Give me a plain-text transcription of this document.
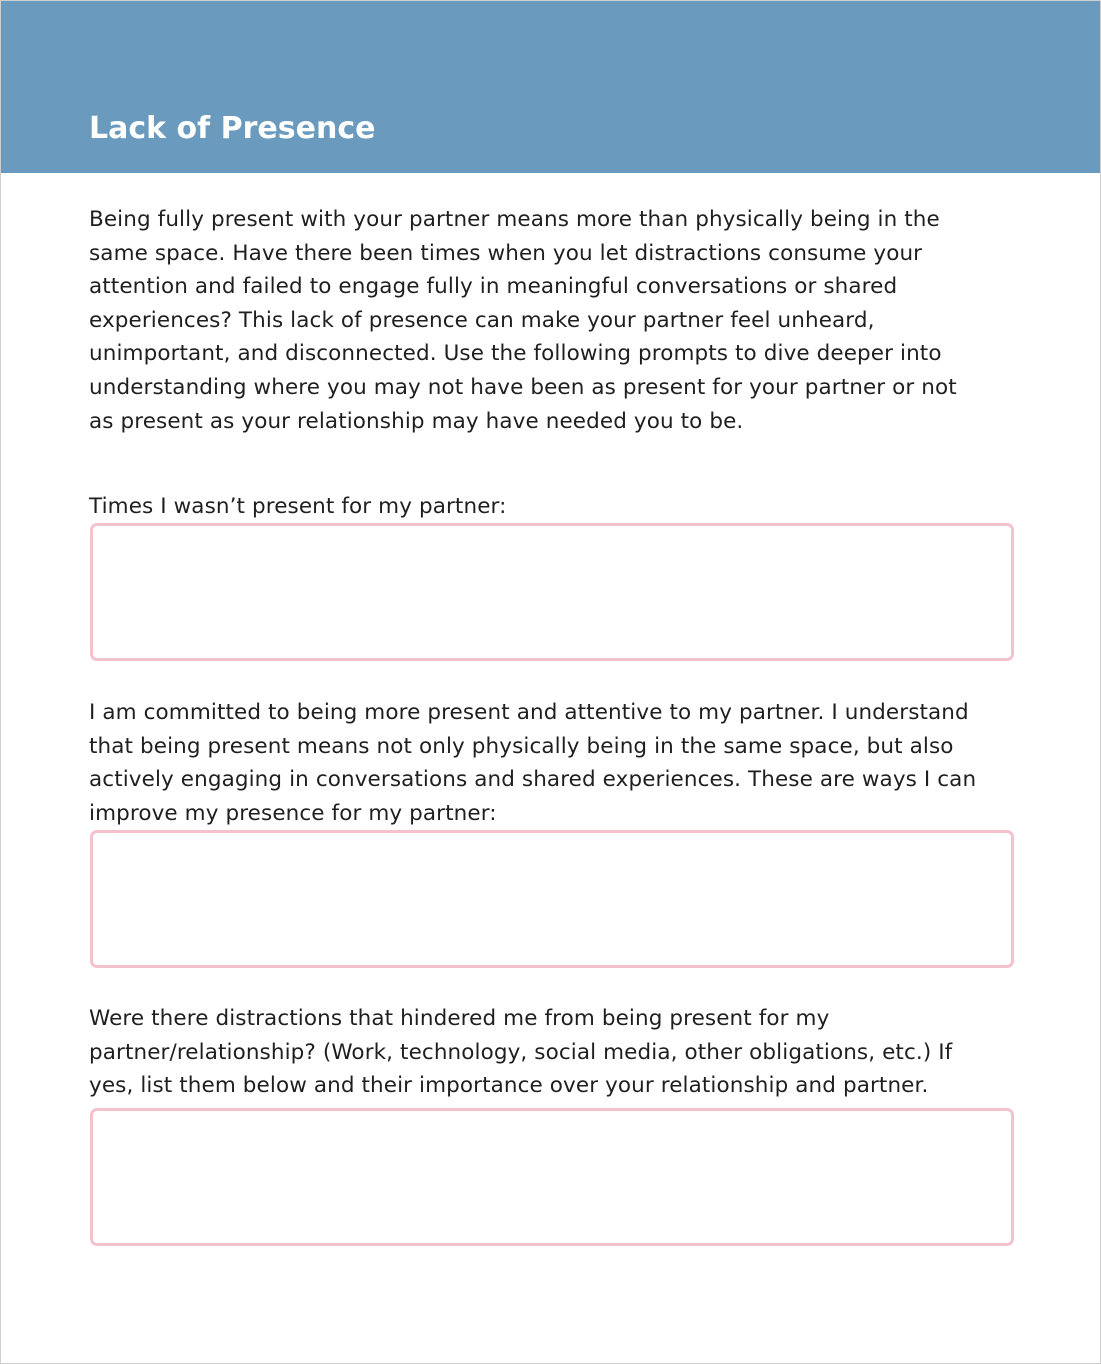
Lack of Presence

Being fully present with your partner means more than physically being in the
same space. Have there been times when you let distractions consume your
attention and failed to engage fully in meaningful conversations or shared
experiences? This lack of presence can make your partner feel unheard,
unimportant, and disconnected. Use the following prompts to dive deeper into
understanding where you may not have been as present for your partner or not
as present as your relationship may have needed you to be.

Times I wasn’t present for my partner:

I am committed to being more present and attentive to my partner. I understand
that being present means not only physically being in the same space, but also
actively engaging in conversations and shared experiences. These are ways I can
improve my presence for my partner:

Were there distractions that hindered me from being present for my
partner/relationship? (Work, technology, social media, other obligations, etc.) If
yes, list them below and their importance over your relationship and partner.
